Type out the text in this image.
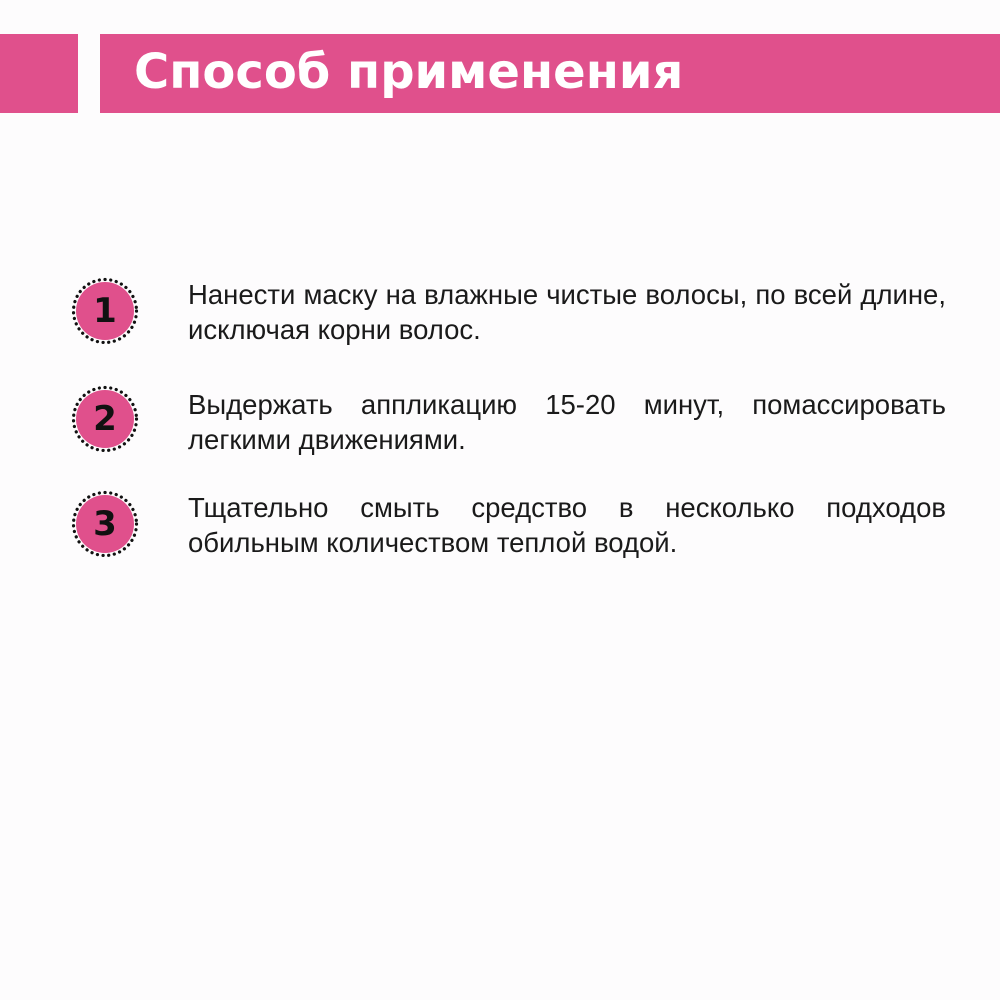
Способ применения
1	Нанести маску на влажные чистые волосы, по всей длине, исключая корни волос.

2	Выдержать аппликацию 15-20 минут, помассировать легкими движениями.

3	Тщательно смыть средство в несколько подходов обильным количеством теплой водой.
